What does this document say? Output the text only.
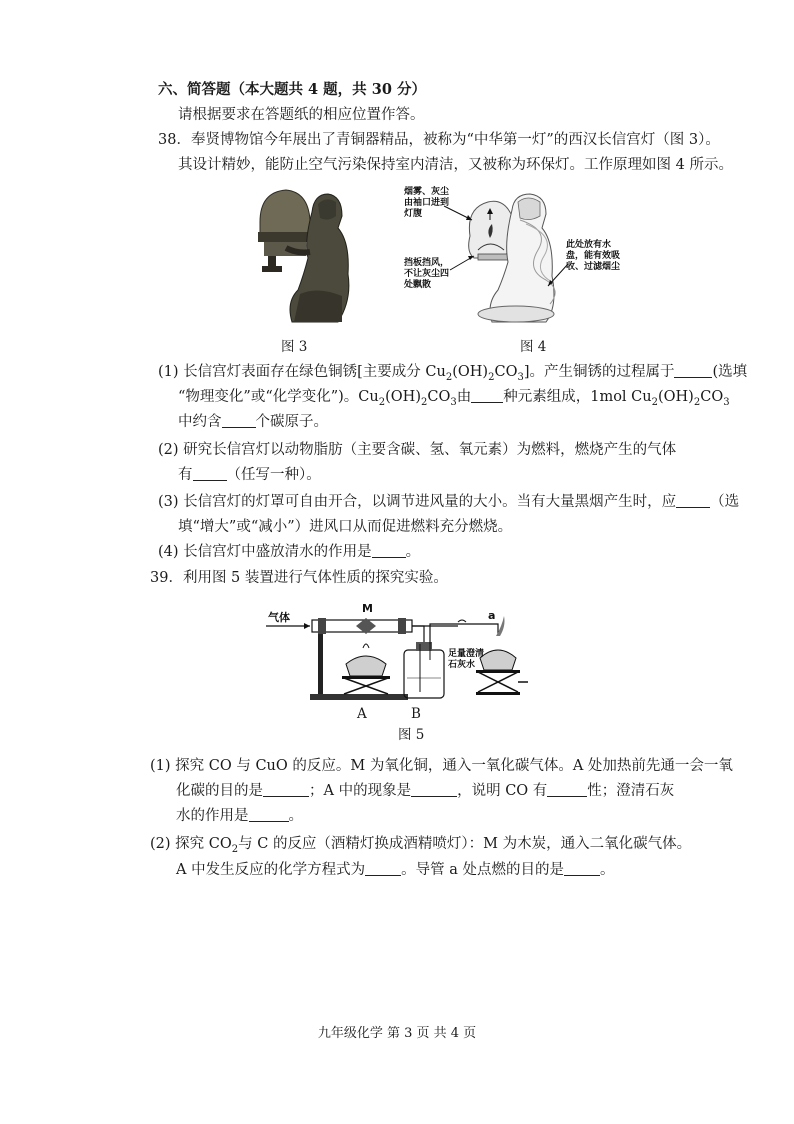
六、简答题（本大题共 4 题，共 30 分）
请根据要求在答题纸的相应位置作答。
38．奉贤博物馆今年展出了青铜器精品，被称为“中华第一灯”的西汉长信宫灯（图 3）。
其设计精妙，能防止空气污染保持室内清洁，又被称为环保灯。工作原理如图 4 所示。
图 3
烟雾、灰尘
由袖口进到
灯腹
挡板挡风，
不让灰尘四
处飘散
此处放有水
盘，能有效吸
收、过滤烟尘
图 4
(1) 长信宫灯表面存在绿色铜锈[主要成分 $Cu_2(OH)_2CO_3$]。产生铜锈的过程属于	(选填
“物理变化”或“化学变化”)。$Cu_2(OH)_2CO_3$由 种元素组成，1mol $Cu_2(OH)_2CO_3$
中约含 个碳原子。
(2) 研究长信宫灯以动物脂肪（主要含碳、氢、氧元素）为燃料，燃烧产生的气体
有 （任写一种）。
(3) 长信宫灯的灯罩可自由开合，以调节进风量的大小。当有大量黑烟产生时，应 （选
填“增大”或“减小”）进风口从而促进燃料充分燃烧。
(4) 长信宫灯中盛放清水的作用是 。
39．利用图 5 装置进行气体性质的探究实验。
气体
M
a
足量澄清
石灰水
A	B
图 5
(1) 探究 CO 与 CuO 的反应。M 为氧化铜，通入一氧化碳气体。A 处加热前先通一会一氧
化碳的目的是	；A 中的现象是	，说明 CO 有	性；澄清石灰
水的作用是	。
(2) 探究 $CO_2$与 C 的反应（酒精灯换成酒精喷灯）：M 为木炭，通入二氧化碳气体。
A 中发生反应的化学方程式为 。导管 a 处点燃的目的是 。
九年级化学 第 3 页 共 4 页
